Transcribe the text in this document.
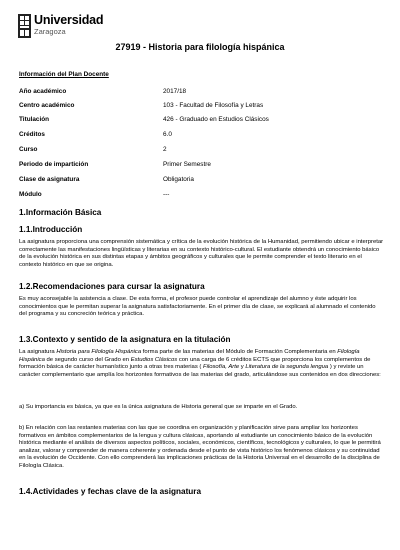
Universidad
Zaragoza
27919 - Historia para filología hispánica
Información del Plan Docente
Año académico	2017/18
Centro académico	103 - Facultad de Filosofía y Letras
Titulación	426 - Graduado en Estudios Clásicos
Créditos	6.0
Curso	2
Periodo de impartición	Primer Semestre
Clase de asignatura	Obligatoria
Módulo	---
1.Información Básica
1.1.Introducción
La asignatura proporciona una comprensión sistemática y crítica de la evolución histórica de la Humanidad, permitiendo ubicar e interpretar correctamente las manifestaciones lingüísticas y literarias en su contexto histórico-cultural. El estudiante obtendrá un conocimiento básico de la evolución histórica en sus distintas etapas y ámbitos geográficos y culturales que le permite comprender el texto literario en el contexto histórico en que se origina.
1.2.Recomendaciones para cursar la asignatura
Es muy aconsejable la asistencia a clase. De esta forma, el profesor puede controlar el aprendizaje del alumno y éste adquirir los conocimientos que le permitan superar la asignatura satisfactoriamente. En el primer día de clase, se explicará al alumnado el contenido del programa y su concreción teórica y práctica.
1.3.Contexto y sentido de la asignatura en la titulación
La asignatura Historia para Filología Hispánica forma parte de las materias del Módulo de Formación Complementaria en Filología Hispánica de segundo curso del Grado en Estudios Clásicos con una carga de 6 créditos ECTS que proporciona los complementos de formación básica de carácter humanístico junto a otras tres materias ( Filosofía, Arte y Literatura de la segunda lengua ) y reviste un carácter complementario que amplía los horizontes formativos de las materias del grado, articulándose sus contenidos en dos direcciones:
a) Su importancia es básica, ya que es la única asignatura de Historia general que se imparte en el Grado.
b) En relación con las restantes materias con las que se coordina en organización y planificación sirve para ampliar los horizontes formativos en ámbitos complementarios de la lengua y cultura clásicas, aportando al estudiante un conocimiento básico de la evolución histórica mediante el análisis de diversos aspectos políticos, sociales, económicos, científicos, tecnológicos y culturales, lo que le permitirá analizar, valorar y comprender de manera coherente y ordenada desde el punto de vista histórico los fenómenos clásicos y su continuidad en la evolución de Occidente. Con ello comprenderá las implicaciones prácticas de la Historia Universal en el desarrollo de la disciplina de Filología Clásica.
1.4.Actividades y fechas clave de la asignatura
